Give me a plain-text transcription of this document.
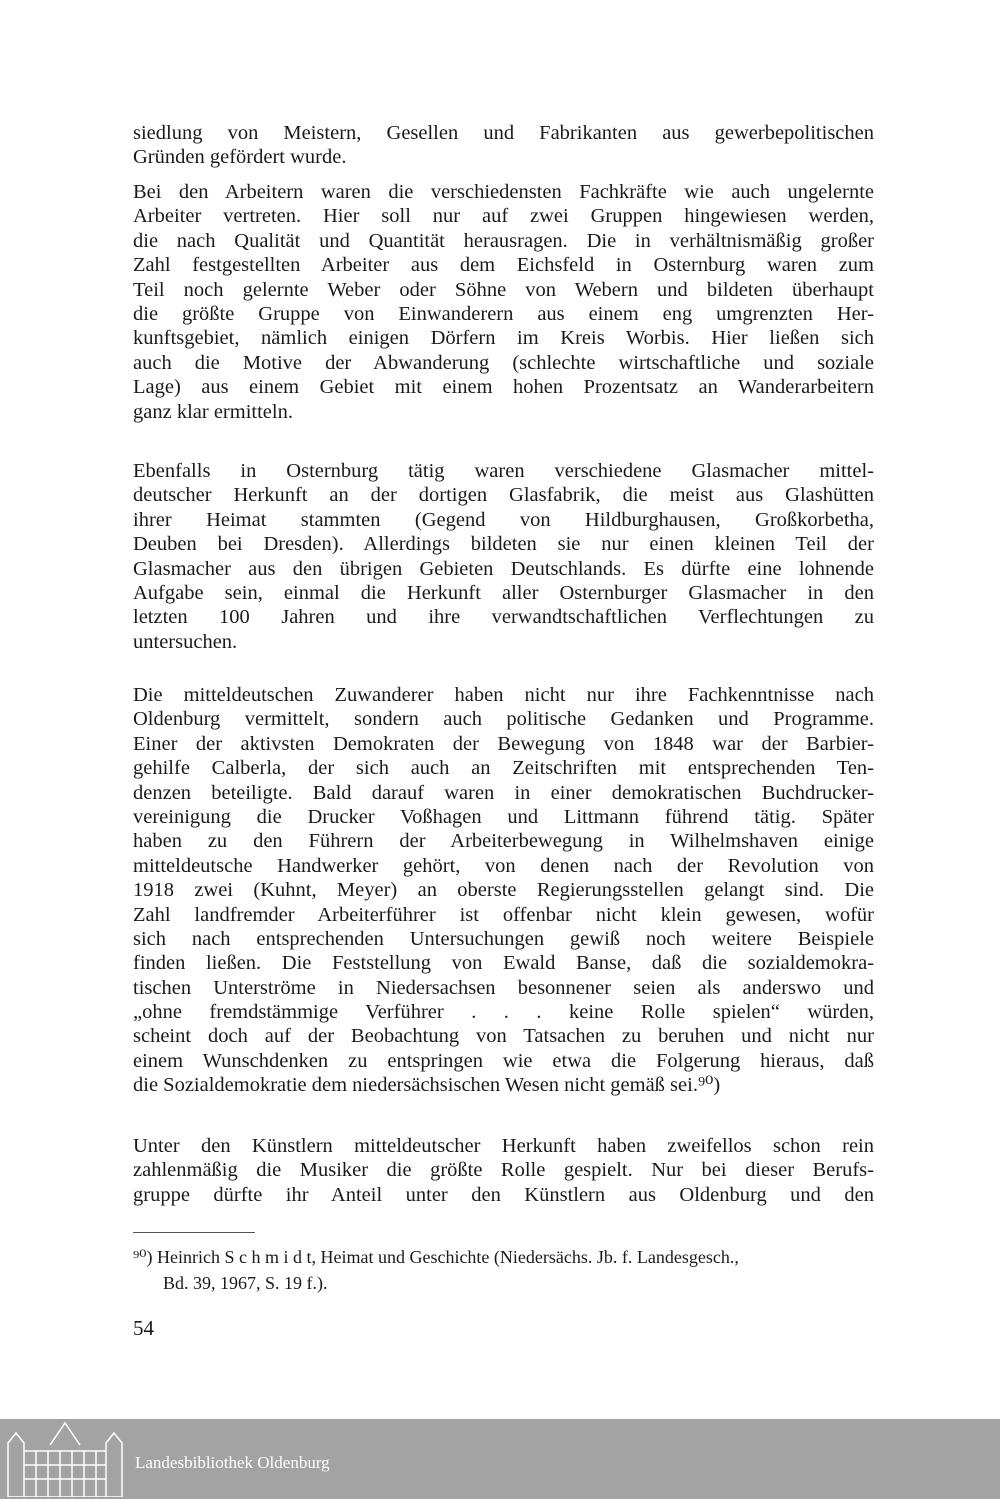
siedlung von Meistern, Gesellen und Fabrikanten aus gewerbepolitischen
Gründen gefördert wurde.
Bei den Arbeitern waren die verschiedensten Fachkräfte wie auch ungelernte
Arbeiter vertreten. Hier soll nur auf zwei Gruppen hingewiesen werden,
die nach Qualität und Quantität herausragen. Die in verhältnismäßig großer
Zahl festgestellten Arbeiter aus dem Eichsfeld in Osternburg waren zum
Teil noch gelernte Weber oder Söhne von Webern und bildeten überhaupt
die größte Gruppe von Einwanderern aus einem eng umgrenzten Her-
kunftsgebiet, nämlich einigen Dörfern im Kreis Worbis. Hier ließen sich
auch die Motive der Abwanderung (schlechte wirtschaftliche und soziale
Lage) aus einem Gebiet mit einem hohen Prozentsatz an Wanderarbeitern
ganz klar ermitteln.
Ebenfalls in Osternburg tätig waren verschiedene Glasmacher mittel-
deutscher Herkunft an der dortigen Glasfabrik, die meist aus Glashütten
ihrer Heimat stammten (Gegend von Hildburghausen, Großkorbetha,
Deuben bei Dresden). Allerdings bildeten sie nur einen kleinen Teil der
Glasmacher aus den übrigen Gebieten Deutschlands. Es dürfte eine lohnende
Aufgabe sein, einmal die Herkunft aller Osternburger Glasmacher in den
letzten 100 Jahren und ihre verwandtschaftlichen Verflechtungen zu
untersuchen.
Die mitteldeutschen Zuwanderer haben nicht nur ihre Fachkenntnisse nach
Oldenburg vermittelt, sondern auch politische Gedanken und Programme.
Einer der aktivsten Demokraten der Bewegung von 1848 war der Barbier-
gehilfe Calberla, der sich auch an Zeitschriften mit entsprechenden Ten-
denzen beteiligte. Bald darauf waren in einer demokratischen Buchdrucker-
vereinigung die Drucker Voßhagen und Littmann führend tätig. Später
haben zu den Führern der Arbeiterbewegung in Wilhelmshaven einige
mitteldeutsche Handwerker gehört, von denen nach der Revolution von
1918 zwei (Kuhnt, Meyer) an oberste Regierungsstellen gelangt sind. Die
Zahl landfremder Arbeiterführer ist offenbar nicht klein gewesen, wofür
sich nach entsprechenden Untersuchungen gewiß noch weitere Beispiele
finden ließen. Die Feststellung von Ewald Banse, daß die sozialdemokra-
tischen Unterströme in Niedersachsen besonnener seien als anderswo und
„ohne fremdstämmige Verführer . . . keine Rolle spielen“ würden,
scheint doch auf der Beobachtung von Tatsachen zu beruhen und nicht nur
einem Wunschdenken zu entspringen wie etwa die Folgerung hieraus, daß
die Sozialdemokratie dem niedersächsischen Wesen nicht gemäß sei.⁹⁰)
Unter den Künstlern mitteldeutscher Herkunft haben zweifellos schon rein
zahlenmäßig die Musiker die größte Rolle gespielt. Nur bei dieser Berufs-
gruppe dürfte ihr Anteil unter den Künstlern aus Oldenburg und den
⁹⁰) Heinrich S c h m i d t, Heimat und Geschichte (Niedersächs. Jb. f. Landesgesch.,
Bd. 39, 1967, S. 19 f.).
54
Landesbibliothek Oldenburg
